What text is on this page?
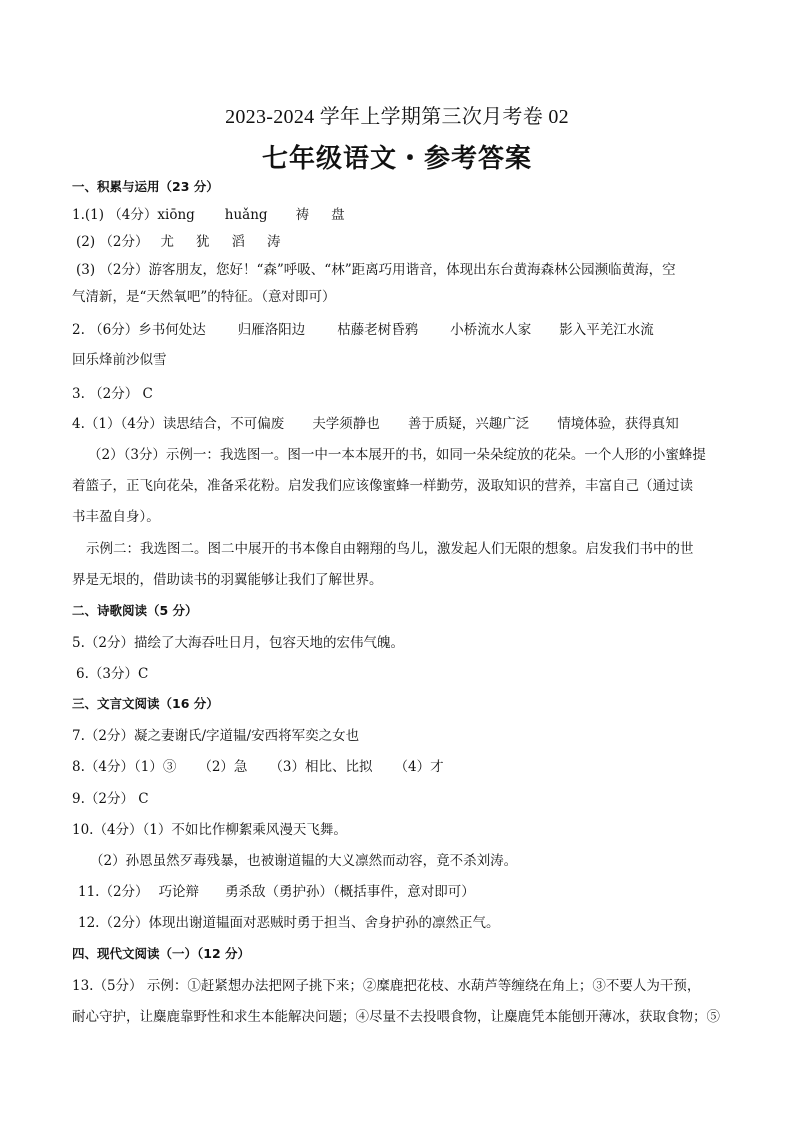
2023-2024 学年上学期第三次月考卷 02
七年级语文・参考答案
一、积累与运用（23 分）
1.(1) （4分）xiōng huǎng 祷 盘
(2) （2分） 尤 犹 滔 涛
(3) （2分）游客朋友，您好！“森”呼吸、“林”距离巧用谐音，体现出东台黄海森林公园濒临黄海，空
气清新，是“天然氧吧”的特征。（意对即可）
2. （6分）乡书何处达 归雁洛阳边 枯藤老树昏鸦 小桥流水人家 影入平羌江水流
回乐烽前沙似雪
3. （2分） C
4.（1）（4分）读思结合，不可偏废 夫学须静也 善于质疑，兴趣广泛 情境体验，获得真知
（2）（3分）示例一：我选图一。图一中一本本展开的书，如同一朵朵绽放的花朵。一个人形的小蜜蜂提
着篮子，正飞向花朵，准备采花粉。启发我们应该像蜜蜂一样勤劳，汲取知识的营养，丰富自己（通过读
书丰盈自身）。
示例二：我选图二。图二中展开的书本像自由翱翔的鸟儿，激发起人们无限的想象。启发我们书中的世
界是无垠的，借助读书的羽翼能够让我们了解世界。
二、诗歌阅读（5 分）
5.（2分）描绘了大海吞吐日月，包容天地的宏伟气魄。
6.（3分）C
三、文言文阅读（16 分）
7.（2分）凝之妻谢氏/字道韫/安西将军奕之女也
8.（4分）（1）③ （2）急 （3）相比、比拟 （4）才
9.（2分） C
10.（4分）（1）不如比作柳絮乘风漫天飞舞。
（2）孙恩虽然歹毒残暴，也被谢道韫的大义凛然而动容，竟不杀刘涛。
11.（2分） 巧论辩 勇杀敌（勇护孙）（概括事件，意对即可）
12.（2分）体现出谢道韫面对恶贼时勇于担当、舍身护孙的凛然正气。
四、现代文阅读（一）（12 分）
13.（5分） 示例：①赶紧想办法把网子挑下来；②糜鹿把花枝、水葫芦等缠绕在角上；③不要人为干预，
耐心守护，让麋鹿靠野性和求生本能解决问题；④尽量不去投喂食物，让麋鹿凭本能刨开薄冰，获取食物；⑤
